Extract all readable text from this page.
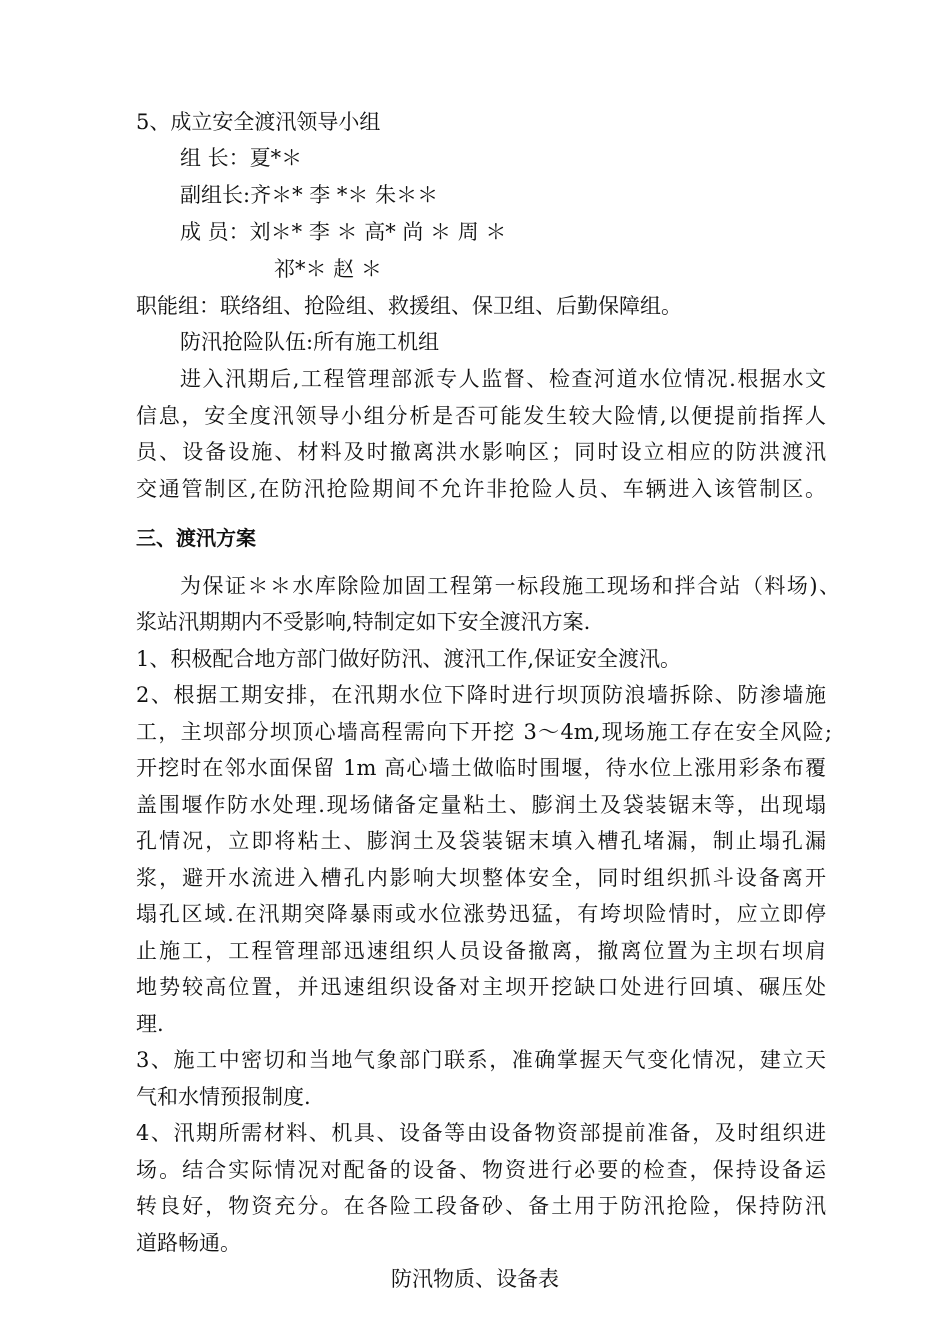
5、成立安全渡汛领导小组
组 长：夏*＊
副组长:齐＊* 李 *＊ 朱＊＊
成 员：刘＊* 李 ＊ 高* 尚 ＊ 周 ＊
祁*＊ 赵 ＊
职能组：联络组、抢险组、救援组、保卫组、后勤保障组。
防汛抢险队伍:所有施工机组
进入汛期后,工程管理部派专人监督、检查河道水位情况.根据水文
信息，安全度汛领导小组分析是否可能发生较大险情,以便提前指挥人
员、设备设施、材料及时撤离洪水影响区；同时设立相应的防洪渡汛
交通管制区,在防汛抢险期间不允许非抢险人员、车辆进入该管制区。
三、渡汛方案
为保证＊＊水库除险加固工程第一标段施工现场和拌合站（料场)、
浆站汛期期内不受影响,特制定如下安全渡汛方案.
1、积极配合地方部门做好防汛、渡汛工作,保证安全渡汛。
2、根据工期安排，在汛期水位下降时进行坝顶防浪墙拆除、防渗墙施
工，主坝部分坝顶心墙高程需向下开挖 3～4m,现场施工存在安全风险;
开挖时在邻水面保留 1m 高心墙土做临时围堰，待水位上涨用彩条布覆
盖围堰作防水处理.现场储备定量粘土、膨润土及袋装锯末等，出现塌
孔情况，立即将粘土、膨润土及袋装锯末填入槽孔堵漏，制止塌孔漏
浆，避开水流进入槽孔内影响大坝整体安全，同时组织抓斗设备离开
塌孔区域.在汛期突降暴雨或水位涨势迅猛，有垮坝险情时，应立即停
止施工，工程管理部迅速组织人员设备撤离，撤离位置为主坝右坝肩
地势较高位置，并迅速组织设备对主坝开挖缺口处进行回填、碾压处
理.
3、施工中密切和当地气象部门联系，准确掌握天气变化情况，建立天
气和水情预报制度.
4、汛期所需材料、机具、设备等由设备物资部提前准备，及时组织进
场。结合实际情况对配备的设备、物资进行必要的检查，保持设备运
转良好，物资充分。在各险工段备砂、备土用于防汛抢险，保持防汛
道路畅通。
防汛物质、设备表
